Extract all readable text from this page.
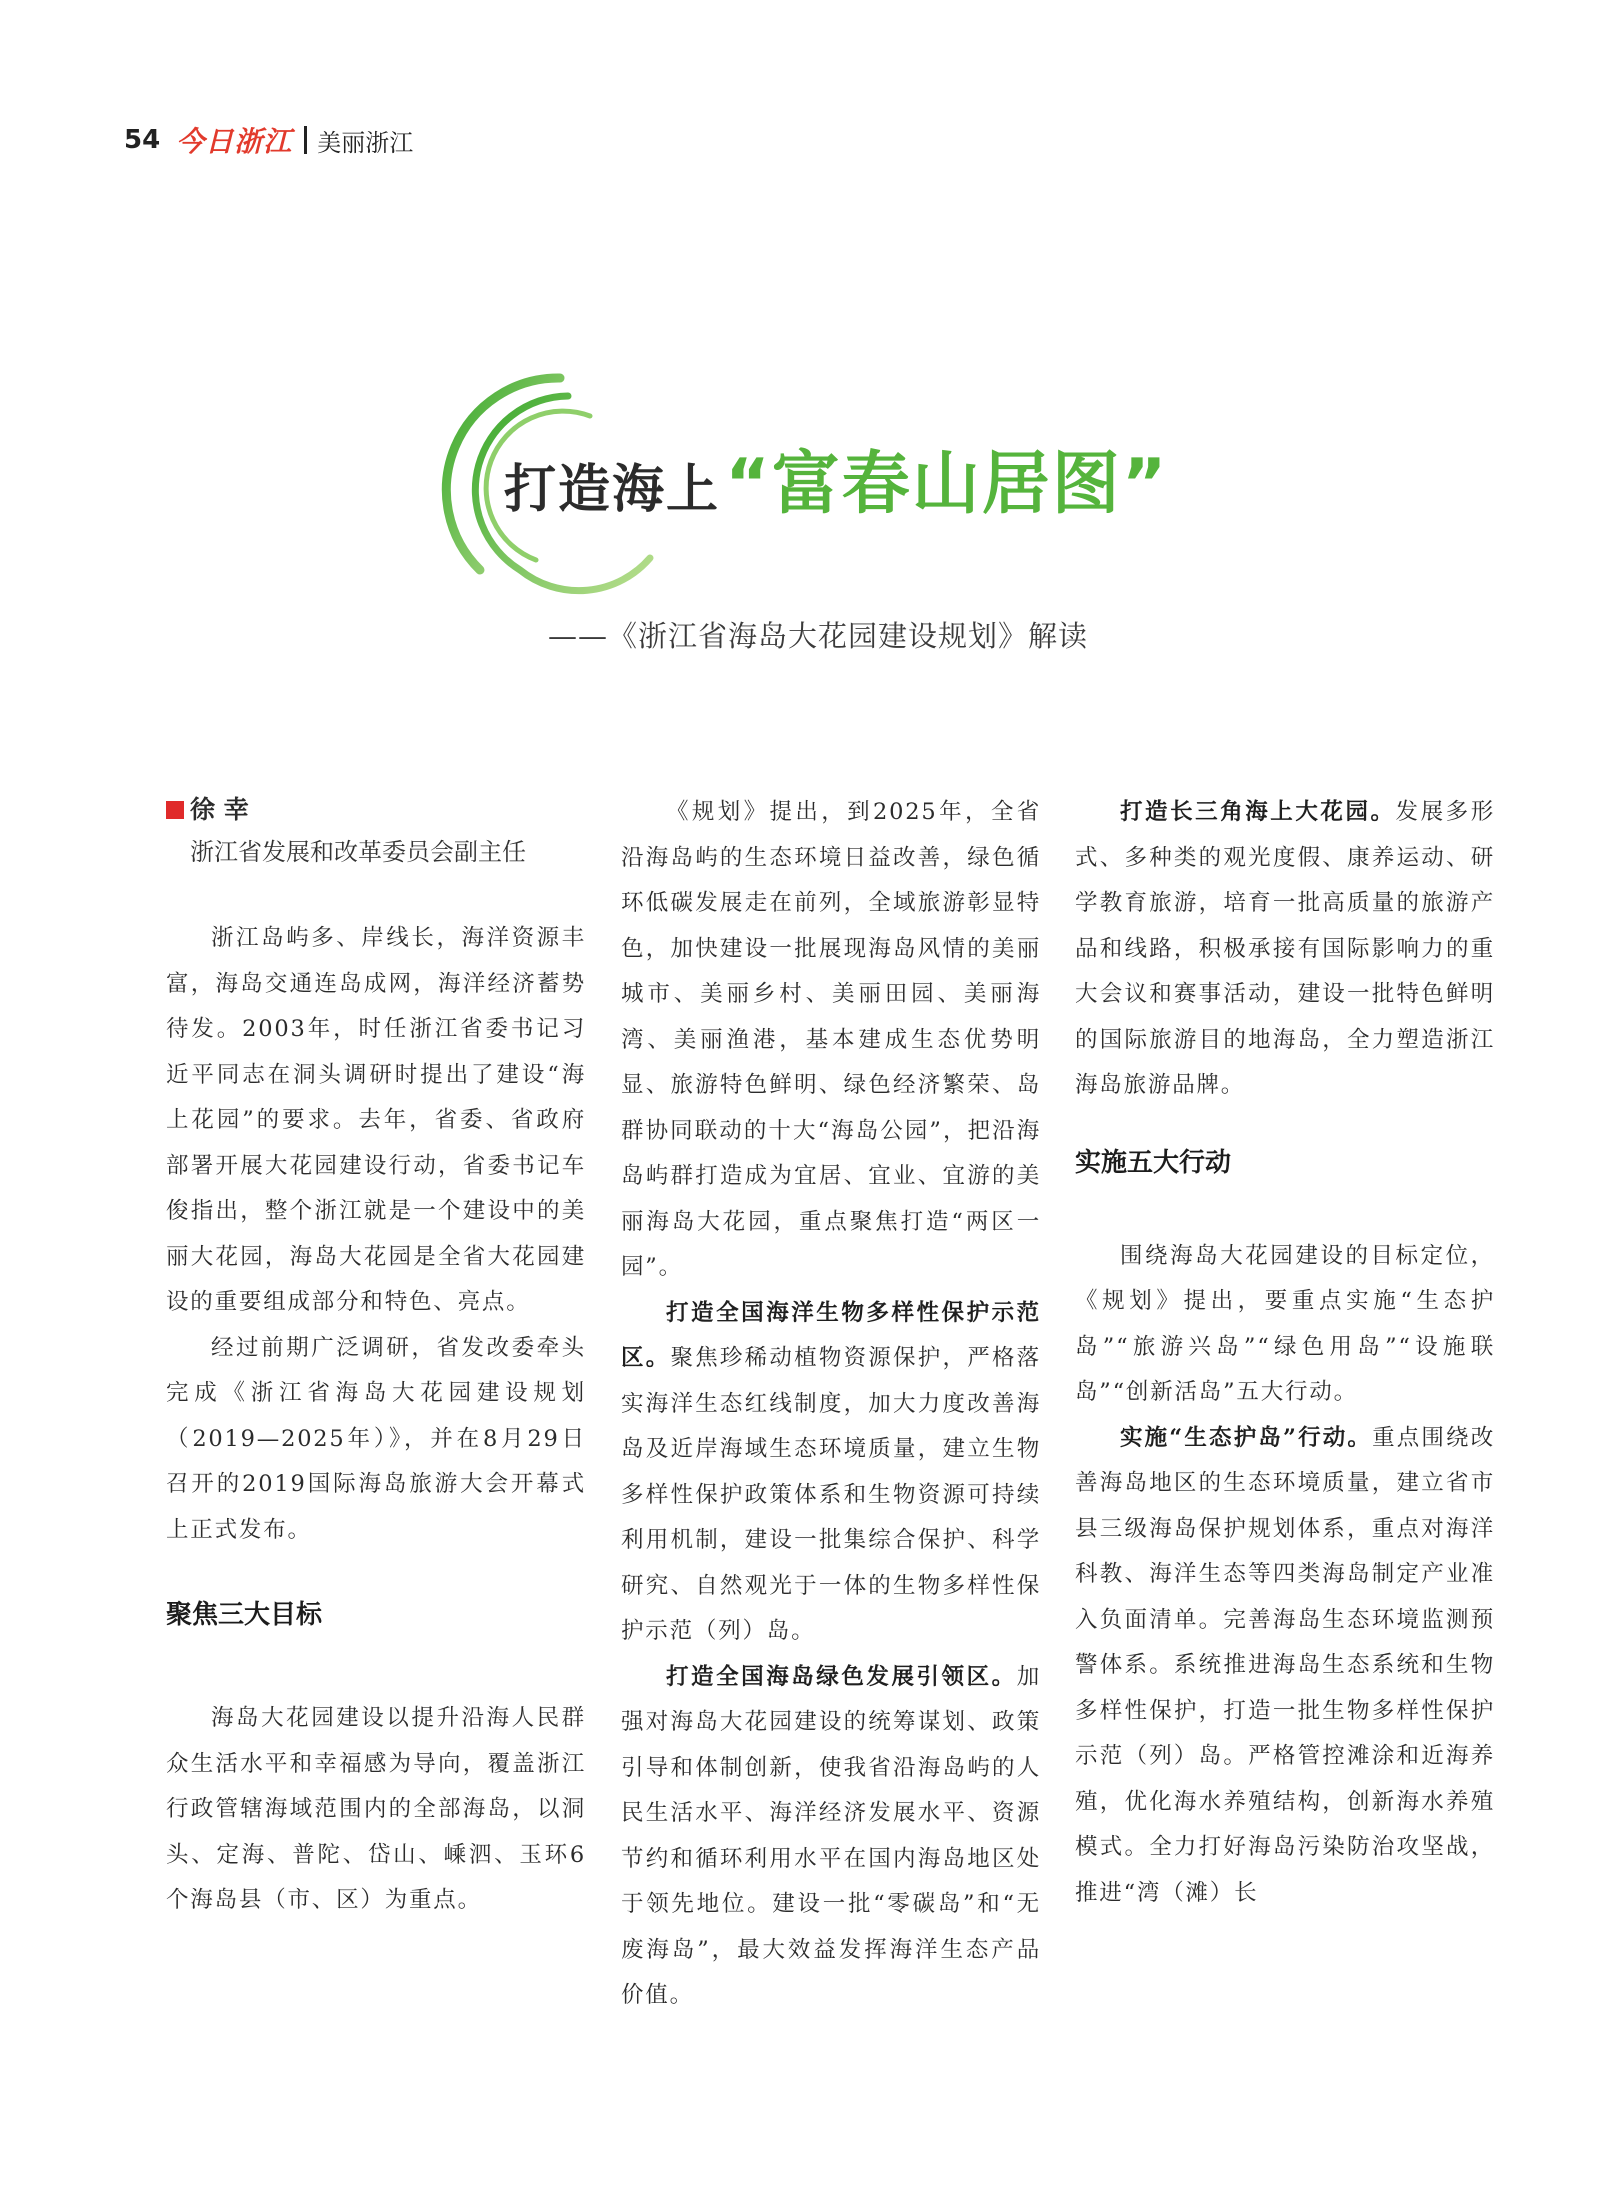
54 今日浙江 美丽浙江
打造海上 “富春山居图”
——《浙江省海岛大花园建设规划》解读
徐 幸
浙江省发展和改革委员会副主任

浙江岛屿多、岸线长，海洋资源丰富，海岛交通连岛成网，海洋经济蓄势待发。2003年，时任浙江省委书记习近平同志在洞头调研时提出了建设“海上花园”的要求。去年，省委、省政府部署开展大花园建设行动，省委书记车俊指出，整个浙江就是一个建设中的美丽大花园，海岛大花园是全省大花园建设的重要组成部分和特色、亮点。

经过前期广泛调研，省发改委牵头完成《浙江省海岛大花园建设规划（2019—2025年）》，并在8月29日召开的2019国际海岛旅游大会开幕式上正式发布。

聚焦三大目标

海岛大花园建设以提升沿海人民群众生活水平和幸福感为导向，覆盖浙江行政管辖海域范围内的全部海岛，以洞头、定海、普陀、岱山、嵊泗、玉环6个海岛县（市、区）为重点。

《规划》提出，到2025年，全省沿海岛屿的生态环境日益改善，绿色循环低碳发展走在前列，全域旅游彰显特色，加快建设一批展现海岛风情的美丽城市、美丽乡村、美丽田园、美丽海湾、美丽渔港，基本建成生态优势明显、旅游特色鲜明、绿色经济繁荣、岛群协同联动的十大“海岛公园”，把沿海岛屿群打造成为宜居、宜业、宜游的美丽海岛大花园，重点聚焦打造“两区一园”。

打造全国海洋生物多样性保护示范区。聚焦珍稀动植物资源保护，严格落实海洋生态红线制度，加大力度改善海岛及近岸海域生态环境质量，建立生物多样性保护政策体系和生物资源可持续利用机制，建设一批集综合保护、科学研究、自然观光于一体的生物多样性保护示范（列）岛。

打造全国海岛绿色发展引领区。加强对海岛大花园建设的统筹谋划、政策引导和体制创新，使我省沿海岛屿的人民生活水平、海洋经济发展水平、资源节约和循环利用水平在国内海岛地区处于领先地位。建设一批“零碳岛”和“无废海岛”，最大效益发挥海洋生态产品价值。

打造长三角海上大花园。发展多形式、多种类的观光度假、康养运动、研学教育旅游，培育一批高质量的旅游产品和线路，积极承接有国际影响力的重大会议和赛事活动，建设一批特色鲜明的国际旅游目的地海岛，全力塑造浙江海岛旅游品牌。

实施五大行动

围绕海岛大花园建设的目标定位，《规划》提出，要重点实施“生态护岛”“旅游兴岛”“绿色用岛”“设施联岛”“创新活岛”五大行动。

实施“生态护岛”行动。重点围绕改善海岛地区的生态环境质量，建立省市县三级海岛保护规划体系，重点对海洋科教、海洋生态等四类海岛制定产业准入负面清单。完善海岛生态环境监测预警体系。系统推进海岛生态系统和生物多样性保护，打造一批生物多样性保护示范（列）岛。严格管控滩涂和近海养殖，优化海水养殖结构，创新海水养殖模式。全力打好海岛污染防治攻坚战，推进“湾（滩）长
